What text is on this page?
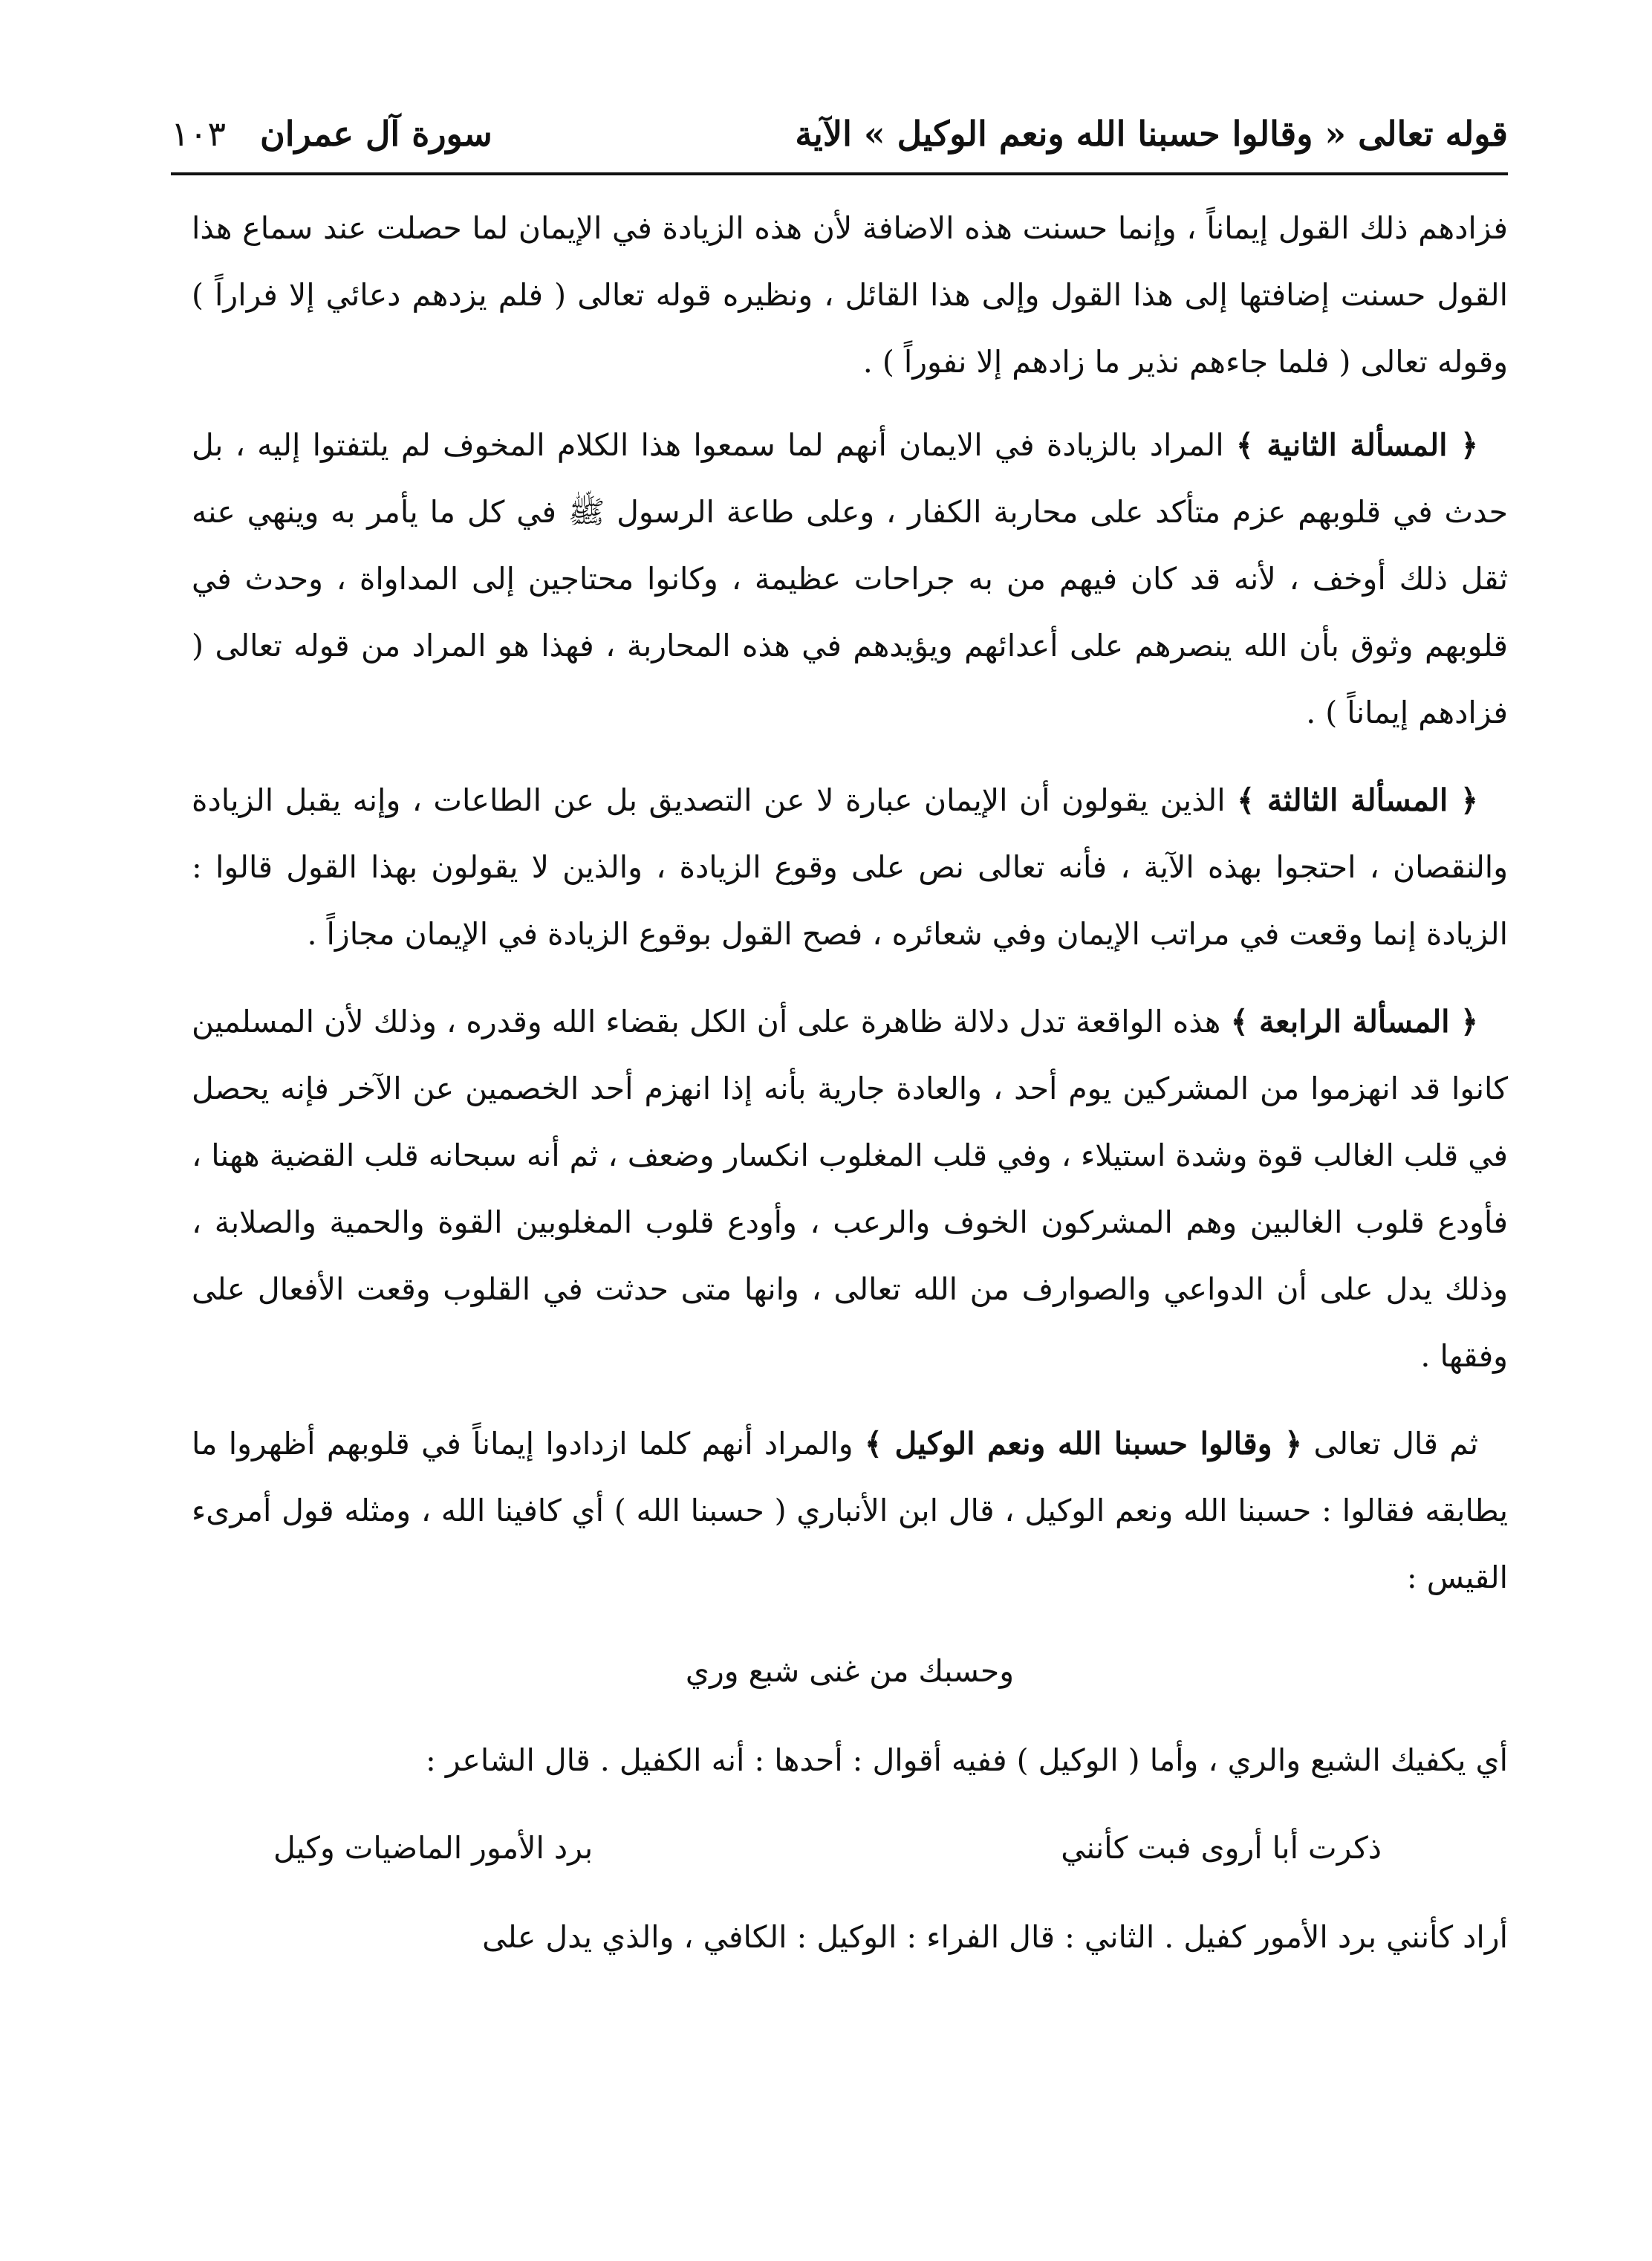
قوله تعالى « وقالوا حسبنا الله ونعم الوكيل » الآية
سورة آل عمران
١٠٣

فزادهم ذلك القول إيماناً ، وإنما حسنت هذه الاضافة لأن هذه الزيادة في الإيمان لما حصلت عند سماع هذا القول حسنت إضافتها إلى هذا القول وإلى هذا القائل ، ونظيره قوله تعالى ( فلم يزدهم دعائي إلا فراراً ) وقوله تعالى ( فلما جاءهم نذير ما زادهم إلا نفوراً ) .

﴿ المسألة الثانية ﴾ المراد بالزيادة في الايمان أنهم لما سمعوا هذا الكلام المخوف لم يلتفتوا إليه ، بل حدث في قلوبهم عزم متأكد على محاربة الكفار ، وعلى طاعة الرسول ﷺ في كل ما يأمر به وينهي عنه ثقل ذلك أوخف ، لأنه قد كان فيهم من به جراحات عظيمة ، وكانوا محتاجين إلى المداواة ، وحدث في قلوبهم وثوق بأن الله ينصرهم على أعدائهم ويؤيدهم في هذه المحاربة ، فهذا هو المراد من قوله تعالى ( فزادهم إيماناً ) .

﴿ المسألة الثالثة ﴾ الذين يقولون أن الإيمان عبارة لا عن التصديق بل عن الطاعات ، وإنه يقبل الزيادة والنقصان ، احتجوا بهذه الآية ، فأنه تعالى نص على وقوع الزيادة ، والذين لا يقولون بهذا القول قالوا : الزيادة إنما وقعت في مراتب الإيمان وفي شعائره ، فصح القول بوقوع الزيادة في الإيمان مجازاً .

﴿ المسألة الرابعة ﴾ هذه الواقعة تدل دلالة ظاهرة على أن الكل بقضاء الله وقدره ، وذلك لأن المسلمين كانوا قد انهزموا من المشركين يوم أحد ، والعادة جارية بأنه إذا انهزم أحد الخصمين عن الآخر فإنه يحصل في قلب الغالب قوة وشدة استيلاء ، وفي قلب المغلوب انكسار وضعف ، ثم أنه سبحانه قلب القضية ههنا ، فأودع قلوب الغالبين وهم المشركون الخوف والرعب ، وأودع قلوب المغلوبين القوة والحمية والصلابة ، وذلك يدل على أن الدواعي والصوارف من الله تعالى ، وانها متى حدثت في القلوب وقعت الأفعال على وفقها .

ثم قال تعالى ﴿ وقالوا حسبنا الله ونعم الوكيل ﴾ والمراد أنهم كلما ازدادوا إيماناً في قلوبهم أظهروا ما يطابقه فقالوا : حسبنا الله ونعم الوكيل ، قال ابن الأنباري ( حسبنا الله ) أي كافينا الله ، ومثله قول أمرىء القيس :

وحسبك من غنى شبع وري

أي يكفيك الشبع والري ، وأما ( الوكيل ) ففيه أقوال : أحدها : أنه الكفيل . قال الشاعر :

ذكرت أبا أروى فبت كأنني
برد الأمور الماضيات وكيل

أراد كأنني برد الأمور كفيل . الثاني : قال الفراء : الوكيل : الكافي ، والذي يدل على
